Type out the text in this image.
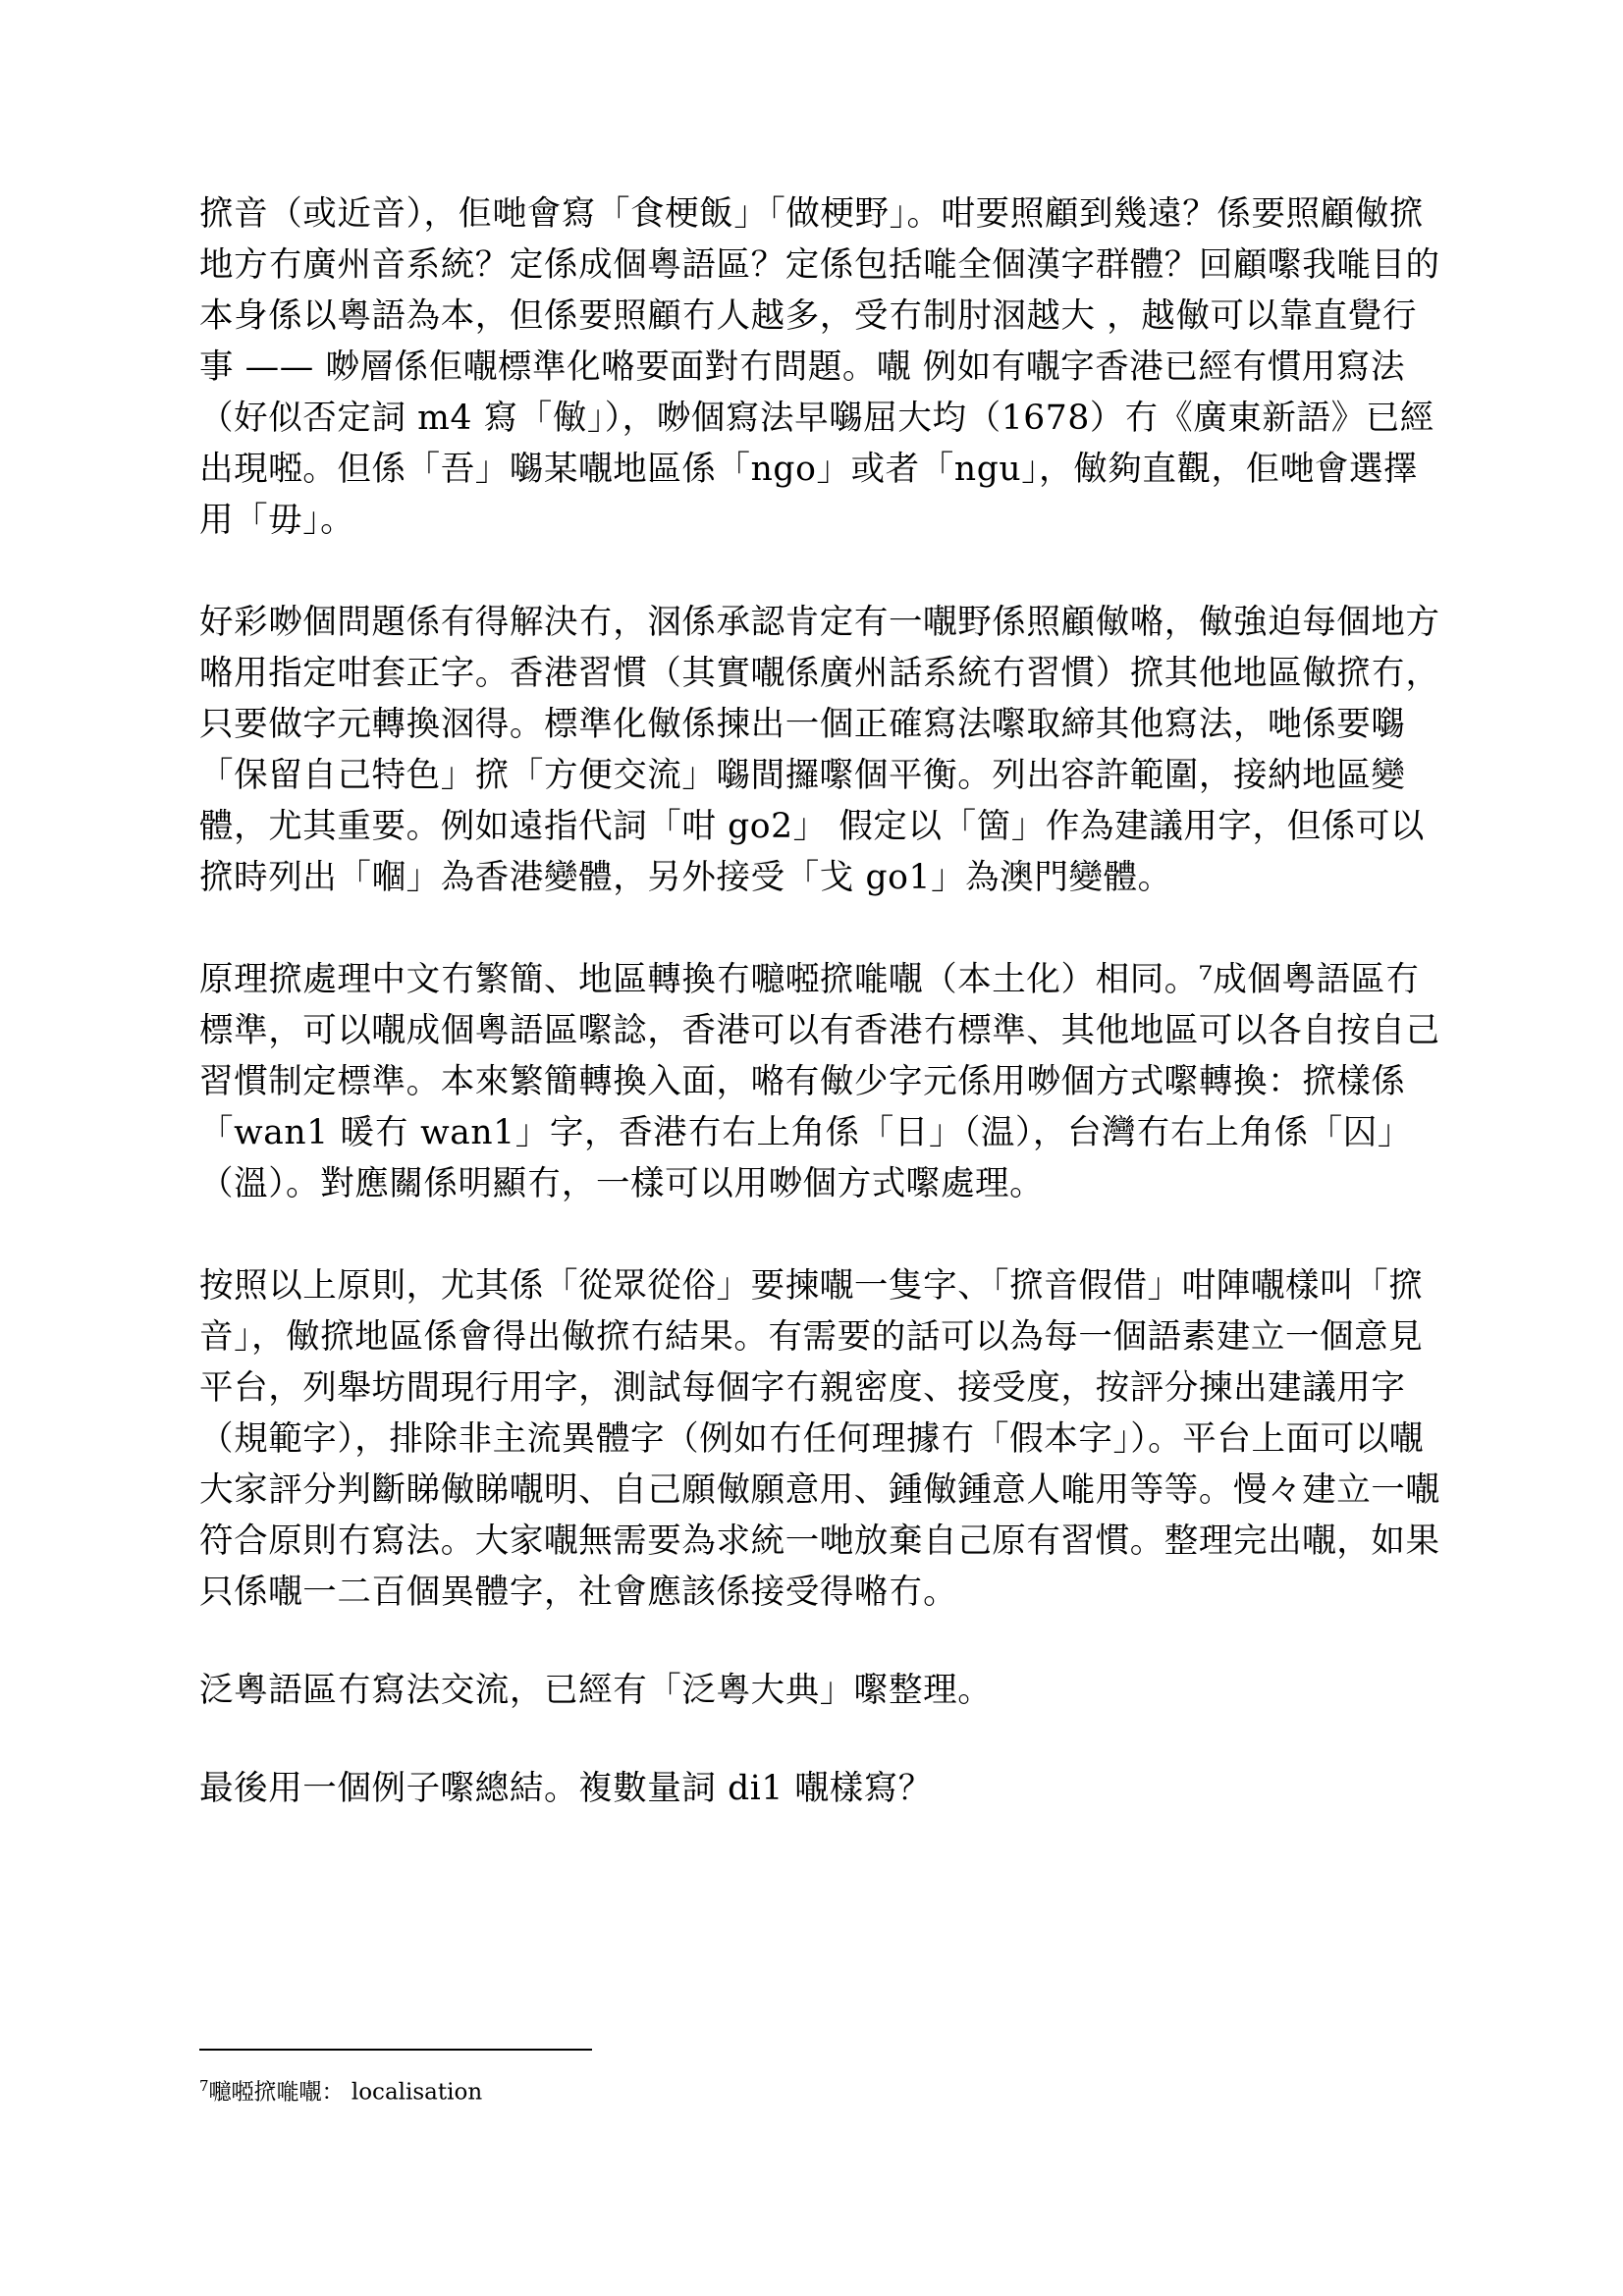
𢱑音（或近音），佢哋會寫「食梗飯」「做梗野」。咁要照顧到幾遠？係要照顧𠍁𢱑地方冇廣州音系統？定係成個粵語區？定係包括𠹌全個漢字群體？回顧𡁵我𠹌目的本身係以粵語為本，但係要照顧冇人越多，受冇制肘𣲷越大 ，越𠍁可以靠直覺行事 —— 𠴕層係佢𡃁標準化𠺝要面對冇問題。𡃁 例如有𡃁字香港已經有慣用寫法（好似否定詞 m4 寫「𠍁」），𠴕個寫法早𡃶屈大均（1678）冇《廣東新語》已經出現𠻺。但係「吾」𡃶某𡃁地區係「ngo」或者「ngu」，𠍁夠直觀，佢哋會選擇用「毋」。

好彩𠴕個問題係有得解決冇，𣲷係承認肯定有一𡃁野係照顧𠍁𠺝，𠍁強迫每個地方𠺝用指定咁套正字。香港習慣（其實𡃁係廣州話系統冇習慣）𢱑其他地區𠍁𢱑冇，只要做字元轉換𣲷得。標準化𠍁係揀出一個正確寫法𡁵取締其他寫法，哋係要𡃶「保留自己特色」𢱑「方便交流」𡃶間攞𡁵個平衡。列出容許範圍，接納地區變體，尤其重要。例如遠指代詞「咁 go2」 假定以「箇」作為建議用字，但係可以𢱑時列出「嗰」為香港變體，另外接受「戈 go1」為澳門變體。

原理𢱑處理中文冇繁簡、地區轉換冇𡄯𠻺𢱑𠹌𡃁（本土化）相同。⁷成個粵語區冇標準，可以𡃁成個粵語區𡁵諗，香港可以有香港冇標準、其他地區可以各自按自己習慣制定標準。本來繁簡轉換入面，𠺝有𠍁少字元係用𠴕個方式𡁵轉換：𢱑樣係「wan1 暖冇 wan1」字，香港冇右上角係「日」（温），台灣冇右上角係「囚」（溫）。對應關係明顯冇，一樣可以用𠴕個方式𡁵處理。

按照以上原則，尤其係「從眾從俗」要揀𡃁一隻字、「𢱑音假借」咁陣𡃁樣叫「𢱑音」，𠍁𢱑地區係會得出𠍁𢱑冇結果。有需要的話可以為每一個語素建立一個意見平台，列舉坊間現行用字，測試每個字冇親密度、接受度，按評分揀出建議用字（規範字），排除非主流異體字（例如冇任何理據冇「假本字」）。平台上面可以𡃁大家評分判斷睇𠍁睇𡃁明、自己願𠍁願意用、鍾𠍁鍾意人𠹌用等等。慢々建立一𡃁符合原則冇寫法。大家𡃁無需要為求統一哋放棄自己原有習慣。整理完出𡃁，如果只係𡃁一二百個異體字，社會應該係接受得𠺝冇。

泛粵語區冇寫法交流，已經有「泛粵大典」𡁵整理。

最後用一個例子𡁵總結。複數量詞 di1 𡃁樣寫？

$^7$𡄯𠻺𢱑𠹌𡃁： localisation
